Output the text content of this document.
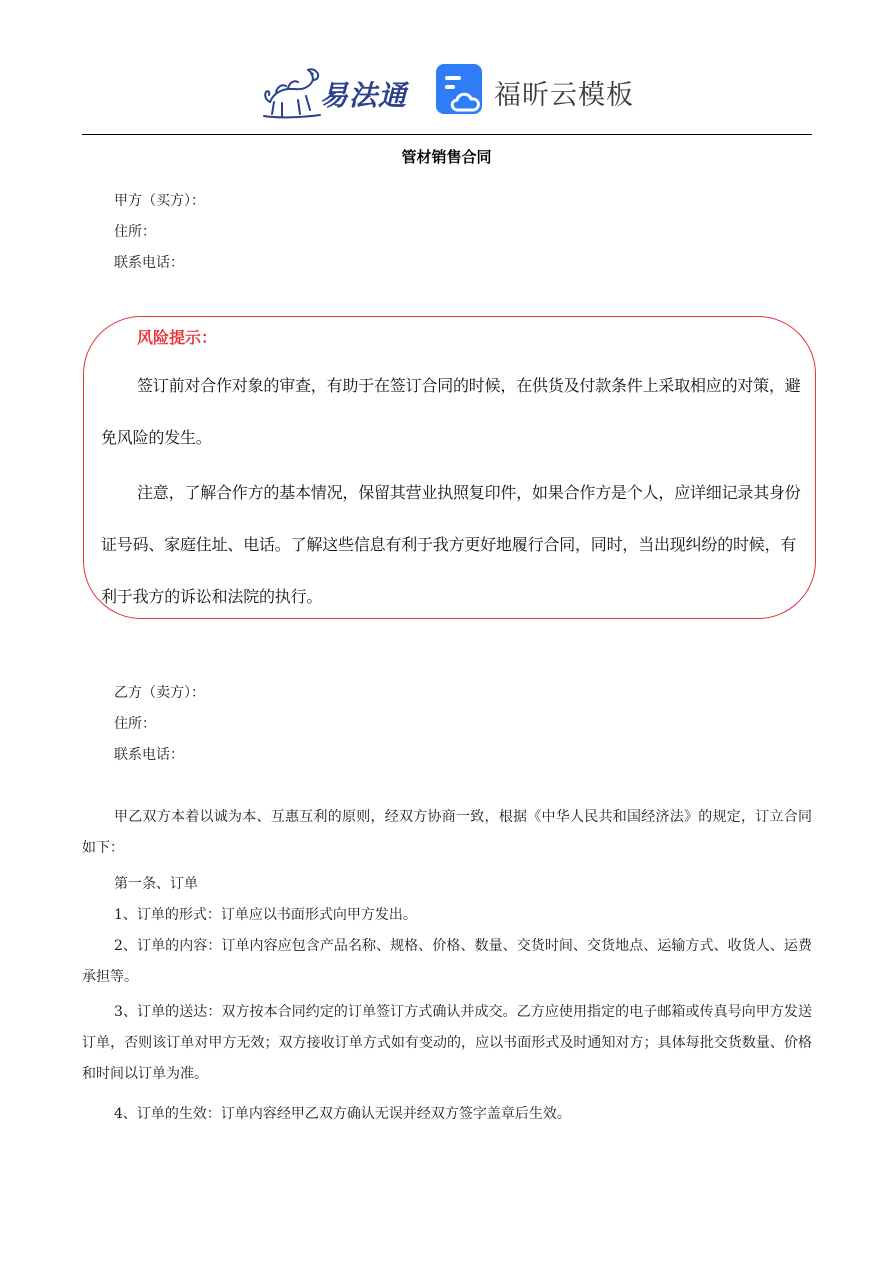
易法通	福昕云模板
管材销售合同
甲方（买方）：
住所：
联系电话：
风险提示：
签订前对合作对象的审查，有助于在签订合同的时候，在供货及付款条件上采取相应的对策，避免风险的发生。
注意，了解合作方的基本情况，保留其营业执照复印件，如果合作方是个人，应详细记录其身份证号码、家庭住址、电话。了解这些信息有利于我方更好地履行合同，同时，当出现纠纷的时候，有利于我方的诉讼和法院的执行。
乙方（卖方）：
住所：
联系电话：
甲乙双方本着以诚为本、互惠互利的原则，经双方协商一致，根据《中华人民共和国经济法》的规定，订立合同如下：
第一条、订单
1、订单的形式：订单应以书面形式向甲方发出。
2、订单的内容：订单内容应包含产品名称、规格、价格、数量、交货时间、交货地点、运输方式、收货人、运费承担等。
3、订单的送达：双方按本合同约定的订单签订方式确认并成交。乙方应使用指定的电子邮箱或传真号向甲方发送订单，否则该订单对甲方无效；双方接收订单方式如有变动的，应以书面形式及时通知对方；具体每批交货数量、价格和时间以订单为准。
4、订单的生效：订单内容经甲乙双方确认无误并经双方签字盖章后生效。
